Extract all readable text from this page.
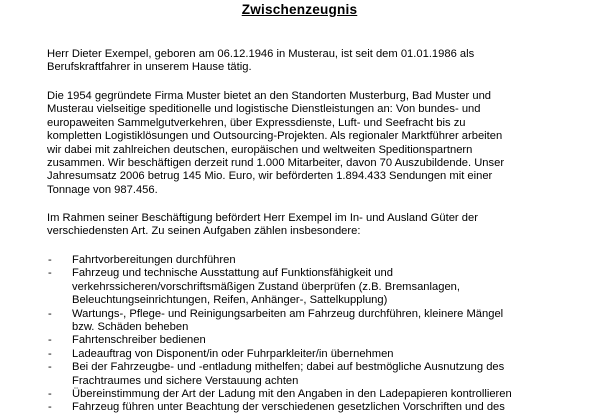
Zwischenzeugnis

Herr Dieter Exempel, geboren am 06.12.1946 in Musterau, ist seit dem 01.01.1986 als
Berufskraftfahrer in unserem Hause tätig.

Die 1954 gegründete Firma Muster bietet an den Standorten Musterburg, Bad Muster und
Musterau vielseitige speditionelle und logistische Dienstleistungen an: Von bundes- und
europaweiten Sammelgutverkehren, über Expressdienste, Luft- und Seefracht bis zu
kompletten Logistiklösungen und Outsourcing-Projekten. Als regionaler Marktführer arbeiten
wir dabei mit zahlreichen deutschen, europäischen und weltweiten Speditionspartnern
zusammen. Wir beschäftigen derzeit rund 1.000 Mitarbeiter, davon 70 Auszubildende. Unser
Jahresumsatz 2006 betrug 145 Mio. Euro, wir beförderten 1.894.433 Sendungen mit einer
Tonnage von 987.456.

Im Rahmen seiner Beschäftigung befördert Herr Exempel im In- und Ausland Güter der
verschiedensten Art. Zu seinen Aufgaben zählen insbesondere:

- Fahrtvorbereitungen durchführen
- Fahrzeug und technische Ausstattung auf Funktionsfähigkeit und
verkehrssicheren/vorschriftsmäßigen Zustand überprüfen (z.B. Bremsanlagen,
Beleuchtungseinrichtungen, Reifen, Anhänger-, Sattelkupplung)
- Wartungs-, Pflege- und Reinigungsarbeiten am Fahrzeug durchführen, kleinere Mängel
bzw. Schäden beheben
- Fahrtenschreiber bedienen
- Ladeauftrag von Disponent/in oder Fuhrparkleiter/in übernehmen
- Bei der Fahrzeugbe- und -entladung mithelfen; dabei auf bestmögliche Ausnutzung des
Frachtraumes und sichere Verstauung achten
- Übereinstimmung der Art der Ladung mit den Angaben in den Ladepapieren kontrollieren
- Fahrzeug führen unter Beachtung der verschiedenen gesetzlichen Vorschriften und des
